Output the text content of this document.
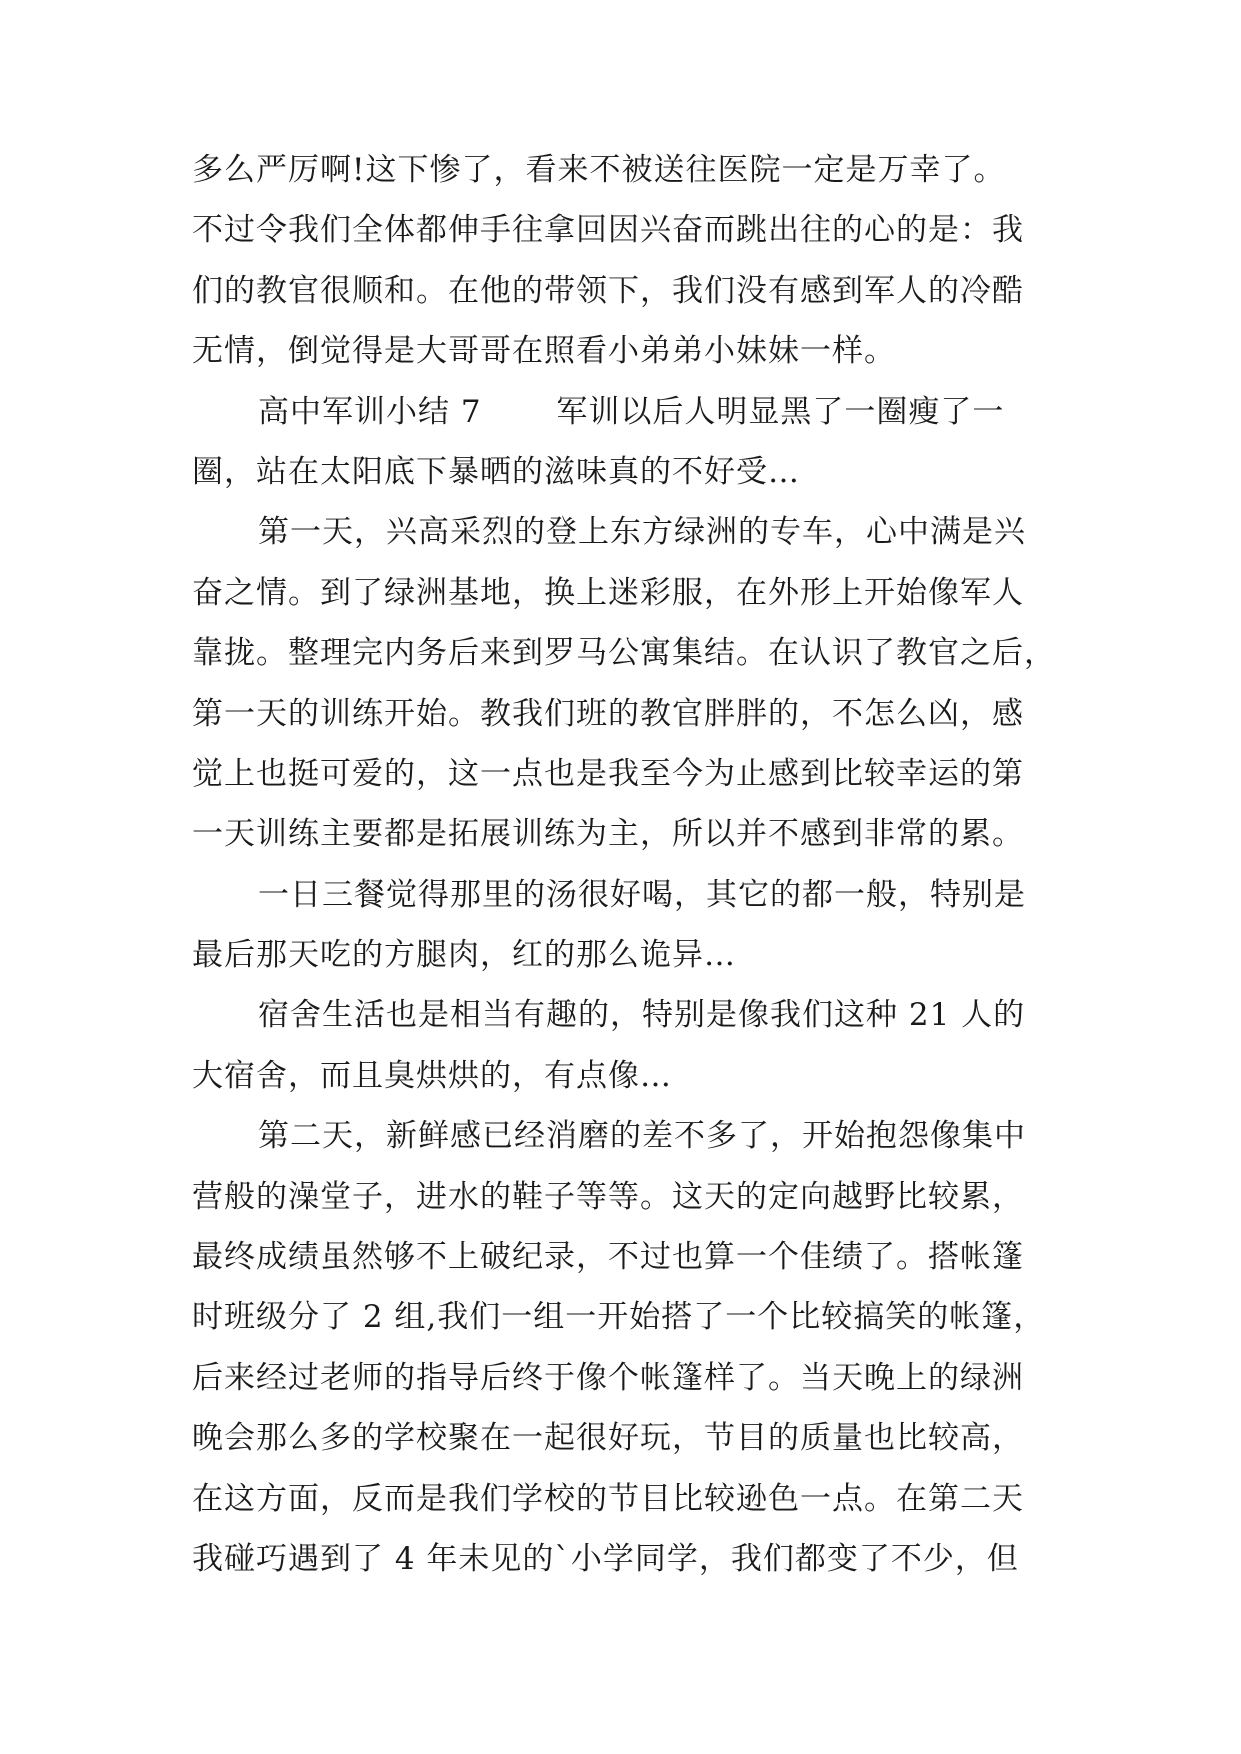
多么严厉啊!这下惨了，看来不被送往医院一定是万幸了。
不过令我们全体都伸手往拿回因兴奋而跳出往的心的是：我
们的教官很顺和。在他的带领下，我们没有感到军人的冷酷
无情，倒觉得是大哥哥在照看小弟弟小妹妹一样。
高中军训小结 7　　 军训以后人明显黑了一圈瘦了一
圈，站在太阳底下暴晒的滋味真的不好受…
第一天，兴高采烈的登上东方绿洲的专车，心中满是兴
奋之情。到了绿洲基地，换上迷彩服，在外形上开始像军人
靠拢。整理完内务后来到罗马公寓集结。在认识了教官之后，
第一天的训练开始。教我们班的教官胖胖的，不怎么凶，感
觉上也挺可爱的，这一点也是我至今为止感到比较幸运的第
一天训练主要都是拓展训练为主，所以并不感到非常的累。
一日三餐觉得那里的汤很好喝，其它的都一般，特别是
最后那天吃的方腿肉，红的那么诡异…
宿舍生活也是相当有趣的，特别是像我们这种 21 人的
大宿舍，而且臭烘烘的，有点像…
第二天，新鲜感已经消磨的差不多了，开始抱怨像集中
营般的澡堂子，进水的鞋子等等。这天的定向越野比较累，
最终成绩虽然够不上破纪录，不过也算一个佳绩了。搭帐篷
时班级分了 2 组,我们一组一开始搭了一个比较搞笑的帐篷，
后来经过老师的指导后终于像个帐篷样了。当天晚上的绿洲
晚会那么多的学校聚在一起很好玩，节目的质量也比较高，
在这方面，反而是我们学校的节目比较逊色一点。在第二天
我碰巧遇到了 4 年未见的`小学同学，我们都变了不少，但
